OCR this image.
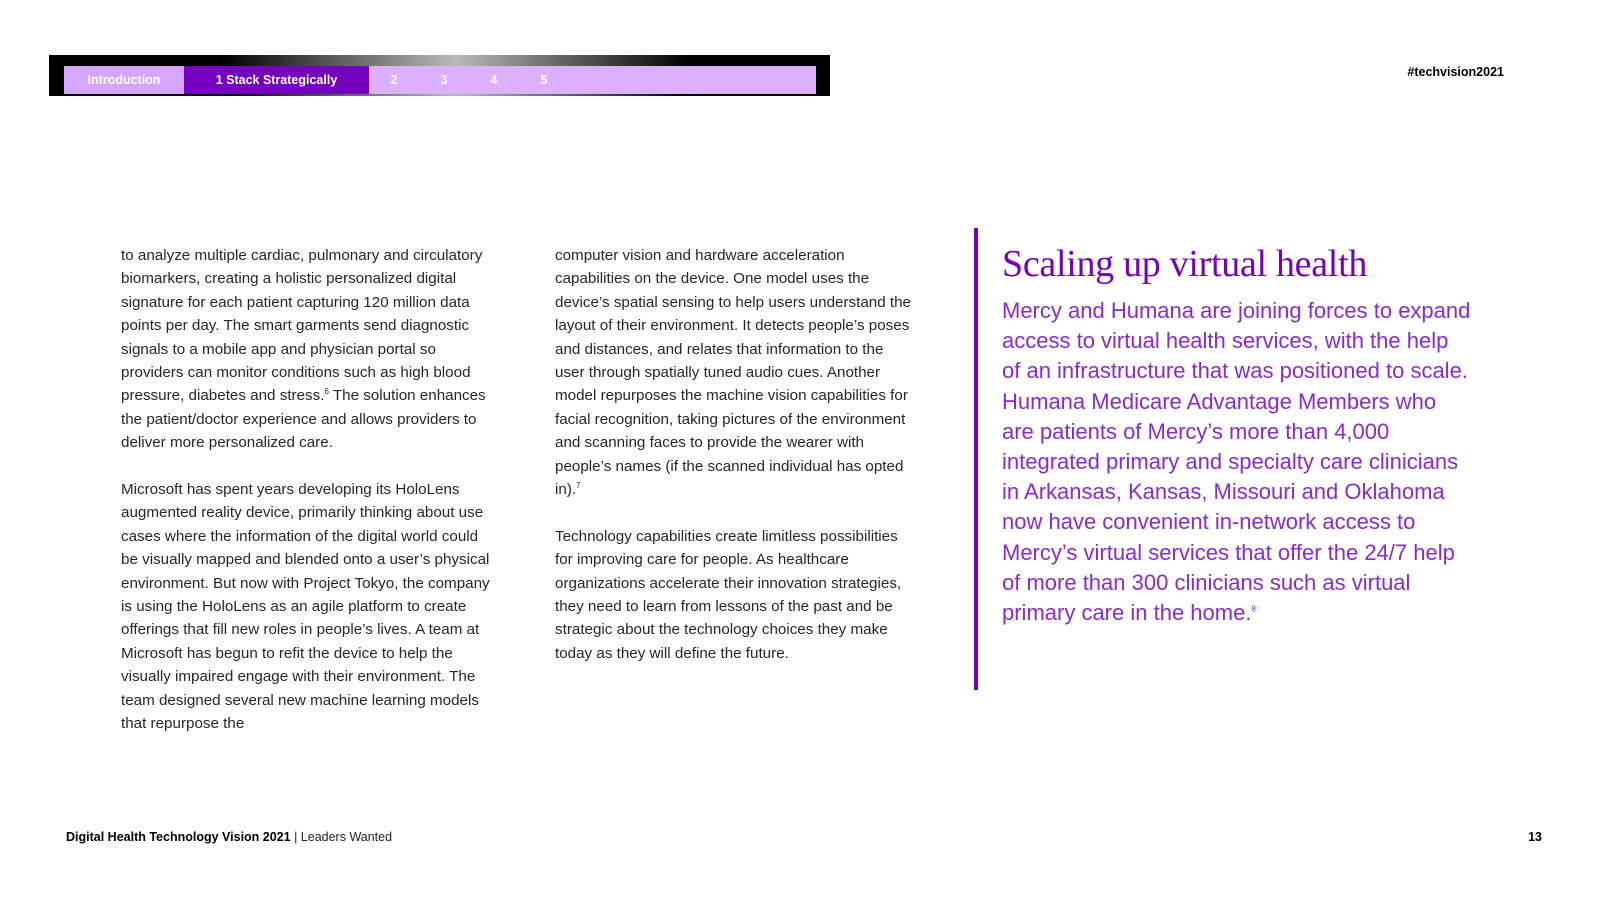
Introduction	1 Stack Strategically	2	3	4	5
#techvision2021

to analyze multiple cardiac, pulmonary and circulatory biomarkers, creating a holistic personalized digital signature for each patient capturing 120 million data points per day. The smart garments send diagnostic signals to a mobile app and physician portal so providers can monitor conditions such as high blood pressure, diabetes and stress.$^6$ The solution enhances the patient/doctor experience and allows providers to deliver more personalized care.

Microsoft has spent years developing its HoloLens augmented reality device, primarily thinking about use cases where the information of the digital world could be visually mapped and blended onto a user’s physical environment. But now with Project Tokyo, the company is using the HoloLens as an agile platform to create offerings that fill new roles in people’s lives. A team at Microsoft has begun to refit the device to help the visually impaired engage with their environment. The team designed several new machine learning models that repurpose the

computer vision and hardware acceleration capabilities on the device. One model uses the device’s spatial sensing to help users understand the layout of their environment. It detects people’s poses and distances, and relates that information to the user through spatially tuned audio cues. Another model repurposes the machine vision capabilities for facial recognition, taking pictures of the environment and scanning faces to provide the wearer with people’s names (if the scanned individual has opted in).$^7$

Technology capabilities create limitless possibilities for improving care for people. As healthcare organizations accelerate their innovation strategies, they need to learn from lessons of the past and be strategic about the technology choices they make today as they will define the future.

Scaling up virtual health
Mercy and Humana are joining forces to expand access to virtual health services, with the help of an infrastructure that was positioned to scale. Humana Medicare Advantage Members who are patients of Mercy’s more than 4,000 integrated primary and specialty care clinicians in Arkansas, Kansas, Missouri and Oklahoma now have convenient in-network access to Mercy’s virtual services that offer the 24/7 help of more than 300 clinicians such as virtual primary care in the home.$^8$
Digital Health Technology Vision 2021 | Leaders Wanted	13
